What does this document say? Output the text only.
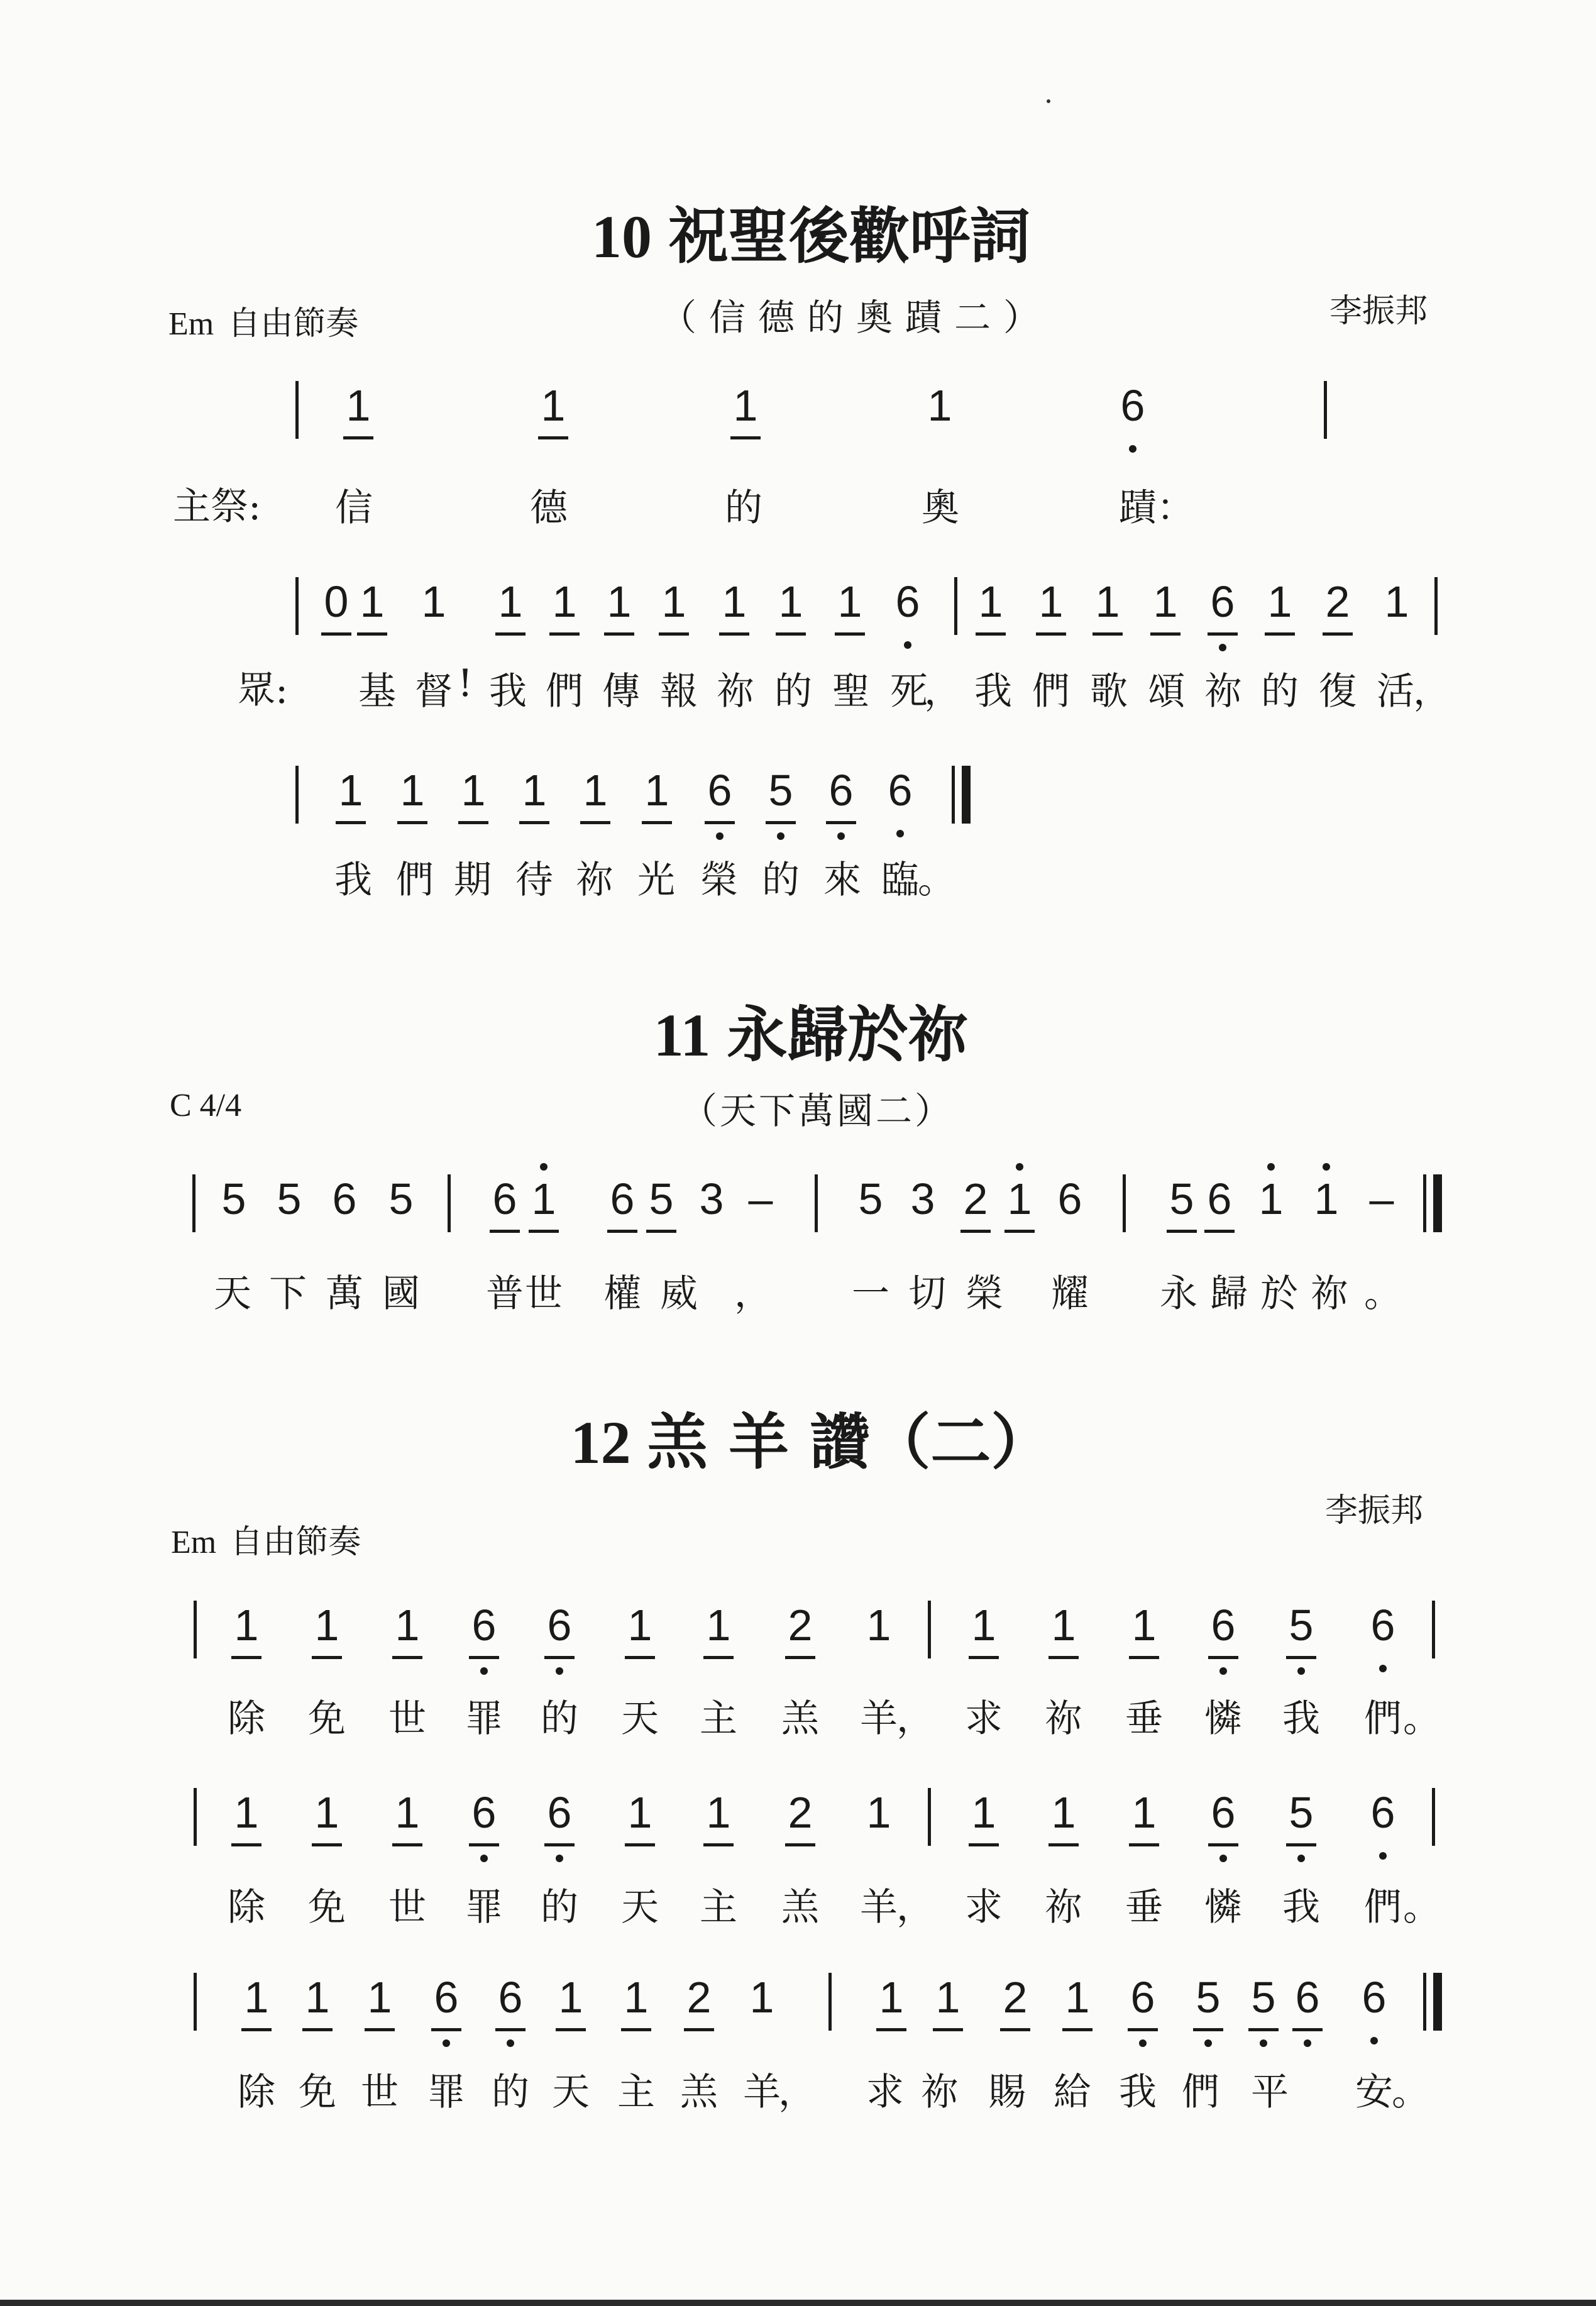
10 祝聖後歡呼詞
Em 自由節奏	（信德的奧蹟二）	李振邦
1	1	1	1	6
主祭: 信	德	的	奧	蹟：
0 1 1 1 1 1 1 1 1 1 6 1 1 1 1 6 1 2 1
眾: 基 督 ! 我 們 傳 報 祢 的 聖 死
， 我 們 歌 頌 祢 的 復 活
，
1 1 1 1 1 1 6 5 6 6
我 們 期 待 祢 光 榮 的 來 臨
。
11 永歸於祢
C 4/4	（天下萬國二）
5 5 6 5 6 1 6 5 3 – 5 3 2 1 6 5 6 1 1 –
天 下 萬 國 普 世 權 威 ， 一 切 榮 耀 永 歸 於 祢 。
12 羔 羊 讚（二）
李振邦
Em 自由節奏
1 1 1 6 6 1 1 2 1 1 1 1 6 5 6
除 免 世 罪 的 天 主 羔 羊
， 求 祢 垂 憐 我 們 。
1 1 1 6 6 1 1 2 1 1 1 1 6 5 6
除 免 世 罪 的 天 主 羔 羊
， 求 祢 垂 憐 我 們 。
1 1 1 6 6 1 1 2 1 1 1 2 1 6 5 5 6 6
除 免 世 罪 的 天 主 羔 羊
， 求 祢 賜 給 我 們 平 安
。
